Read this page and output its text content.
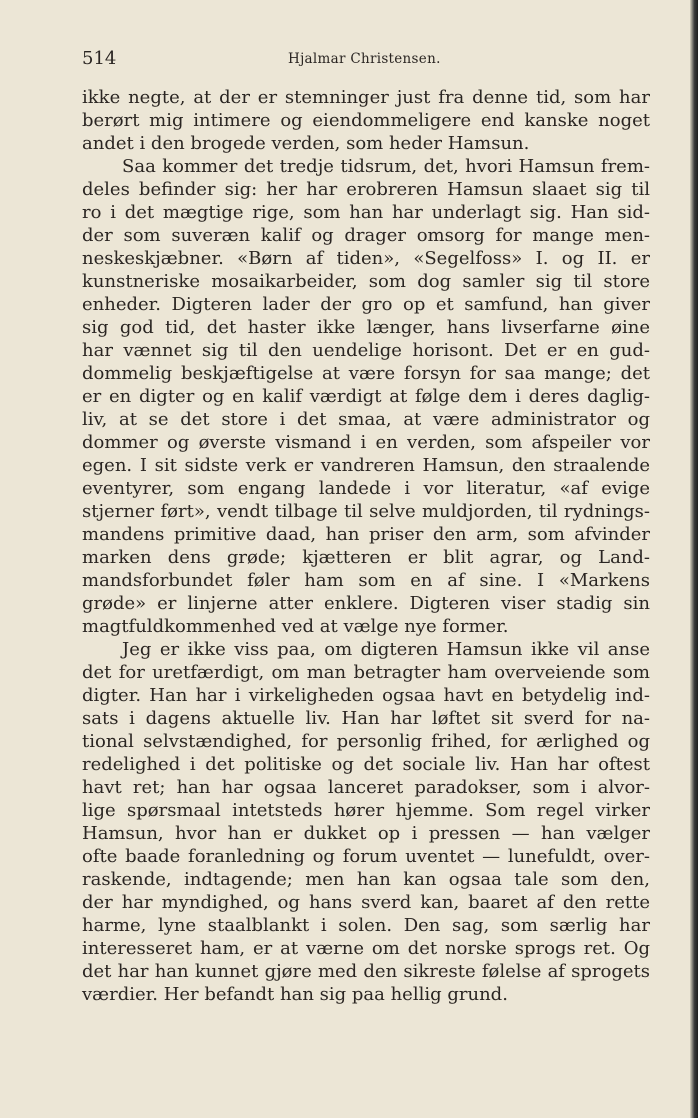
514	Hjalmar Christensen.
ikke negte, at der er stemninger just fra denne tid, som har
berørt mig intimere og eiendommeligere end kanske noget
andet i den brogede verden, som heder Hamsun.
Saa kommer det tredje tidsrum, det, hvori Hamsun frem-
deles befinder sig: her har erobreren Hamsun slaaet sig til
ro i det mægtige rige, som han har underlagt sig. Han sid-
der som suveræn kalif og drager omsorg for mange men-
neskeskjæbner. «Børn af tiden», «Segelfoss» I. og II. er
kunstneriske mosaikarbeider, som dog samler sig til store
enheder. Digteren lader der gro op et samfund, han giver
sig god tid, det haster ikke længer, hans livserfarne øine
har vænnet sig til den uendelige horisont. Det er en gud-
dommelig beskjæftigelse at være forsyn for saa mange; det
er en digter og en kalif værdigt at følge dem i deres daglig-
liv, at se det store i det smaa, at være administrator og
dommer og øverste vismand i en verden, som afspeiler vor
egen. I sit sidste verk er vandreren Hamsun, den straalende
eventyrer, som engang landede i vor literatur, «af evige
stjerner ført», vendt tilbage til selve muldjorden, til rydnings-
mandens primitive daad, han priser den arm, som afvinder
marken dens grøde; kjætteren er blit agrar, og Land-
mandsforbundet føler ham som en af sine. I «Markens
grøde» er linjerne atter enklere. Digteren viser stadig sin
magtfuldkommenhed ved at vælge nye former.
Jeg er ikke viss paa, om digteren Hamsun ikke vil anse
det for uretfærdigt, om man betragter ham overveiende som
digter. Han har i virkeligheden ogsaa havt en betydelig ind-
sats i dagens aktuelle liv. Han har løftet sit sverd for na-
tional selvstændighed, for personlig frihed, for ærlighed og
redelighed i det politiske og det sociale liv. Han har oftest
havt ret; han har ogsaa lanceret paradokser, som i alvor-
lige spørsmaal intetsteds hører hjemme. Som regel virker
Hamsun, hvor han er dukket op i pressen — han vælger
ofte baade foranledning og forum uventet — lunefuldt, over-
raskende, indtagende; men han kan ogsaa tale som den,
der har myndighed, og hans sverd kan, baaret af den rette
harme, lyne staalblankt i solen. Den sag, som særlig har
interesseret ham, er at værne om det norske sprogs ret. Og
det har han kunnet gjøre med den sikreste følelse af sprogets
værdier. Her befandt han sig paa hellig grund.
